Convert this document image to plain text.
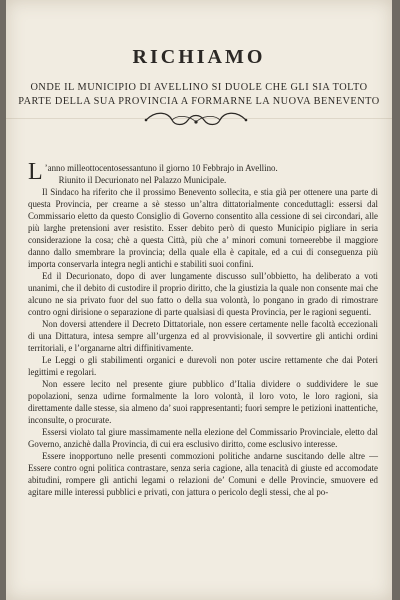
RICHIAMO
ONDE IL MUNICIPIO DI AVELLINO SI DUOLE CHE GLI SIA TOLTO
PARTE DELLA SUA PROVINCIA A FORMARNE LA NUOVA BENEVENTO

L ’anno milleottocentosessantuno il giorno 10 Febbrajo in Avellino.

Riunito il Decurionato nel Palazzo Municipale.

Il Sindaco ha riferito che il prossimo Benevento sollecita, e stia già per ottenere una parte di questa Provincia, per crearne a sè stesso un’altra dittatorialmente conceduttagli: essersi dal Commissario eletto da questo Consiglio di Governo consentito alla cessione di sei circondari, alle più larghe pretensioni aver resistito. Esser debito però di questo Municipio pigliare in seria considerazione la cosa; chè a questa Città, più che a’ minori comuni torneerebbe il maggiore danno dallo smembrare la provincia; della quale ella è capitale, ed a cui di conseguenza più importa conservarla integra negli antichi e stabiliti suoi confini.

Ed il Decurionato, dopo di aver lungamente discusso sull’obbietto, ha deliberato a voti unanimi, che il debito di custodire il proprio diritto, che la giustizia la quale non consente mai che alcuno ne sia privato fuor del suo fatto o della sua volontà, lo pongano in grado di rimostrare contro ogni dirisione o separazione di parte qualsiasi di questa Provincia, per le ragioni seguenti.

Non doversi attendere il Decreto Dittatoriale, non essere certamente nelle facoltà eccezionali di una Dittatura, intesa sempre all’urgenza ed al provvisionale, il sovvertire gli antichi ordini territoriali, e l’organarne altri diffinitivamente.

Le Leggi o gli stabilimenti organici e durevoli non poter uscire rettamente che dai Poteri legittimi e regolari.

Non essere lecito nel presente giure pubblico d’Italia dividere o suddividere le sue popolazioni, senza udirne formalmente la loro volontà, il loro voto, le loro ragioni, sia direttamente dalle stesse, sia almeno da’ suoi rappresentanti; fuori sempre le petizioni inattentiche, inconsulte, o procurate.

Essersi violato tal giure massimamente nella elezione del Commissario Provinciale, eletto dal Governo, anzichè dalla Provincia, di cui era esclusivo diritto, come esclusivo interesse.

Essere inopportuno nelle presenti commozioni politiche andarne suscitando delle altre — Essere contro ogni politica contrastare, senza seria cagione, alla tenacità di giuste ed accomodate abitudini, rompere gli antichi legami o relazioni de’ Comuni e delle Provincie, smuovere ed agitare mille interessi pubblici e privati, con jattura o pericolo degli stessi, che al po-
